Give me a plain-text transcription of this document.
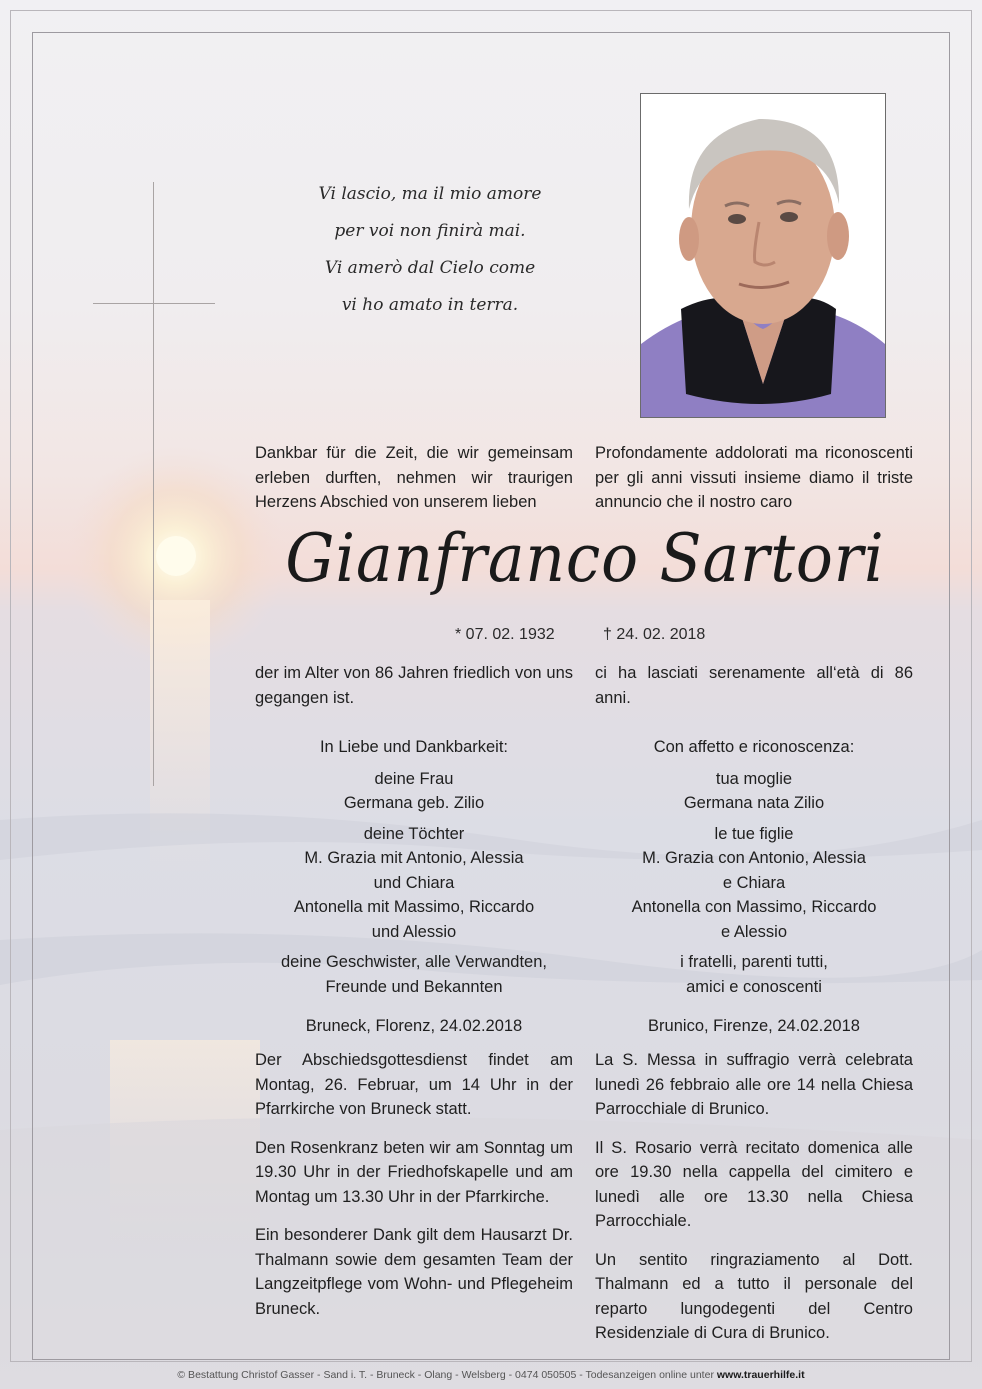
Vi lascio, ma il mio amore
per voi non finirà mai.
Vi amerò dal Cielo come
vi ho amato in terra.
Dankbar für die Zeit, die wir gemeinsam erleben durften, nehmen wir traurigen Herzens Abschied von unserem lieben
Profondamente addolorati ma riconoscenti per gli anni vissuti insieme diamo il triste annuncio che il nostro caro
Gianfranco Sartori
* 07. 02. 1932	† 24. 02. 2018
der im Alter von 86 Jahren friedlich von uns gegangen ist.
ci ha lasciati serenamente all‘età di 86 anni.
In Liebe und Dankbarkeit:
deine Frau
Germana geb. Zilio
deine Töchter
M. Grazia mit Antonio, Alessia
und Chiara
Antonella mit Massimo, Riccardo
und Alessio
deine Geschwister, alle Verwandten,
Freunde und Bekannten
Bruneck, Florenz, 24.02.2018
Con affetto e riconoscenza:
tua moglie
Germana nata Zilio
le tue figlie
M. Grazia con Antonio, Alessia
e Chiara
Antonella con Massimo, Riccardo
e Alessio
i fratelli, parenti tutti,
amici e conoscenti
Brunico, Firenze, 24.02.2018
Der Abschiedsgottesdienst findet am Montag, 26. Februar, um 14 Uhr in der Pfarrkirche von Bruneck statt.
Den Rosenkranz beten wir am Sonntag um 19.30 Uhr in der Friedhofskapelle und am Montag um 13.30 Uhr in der Pfarrkirche.
Ein besonderer Dank gilt dem Hausarzt Dr. Thalmann sowie dem gesamten Team der Langzeitpflege vom Wohn- und Pflegeheim Bruneck.
La S. Messa in suffragio verrà celebrata lunedì 26 febbraio alle ore 14 nella Chiesa Parrocchiale di Brunico.
Il S. Rosario verrà recitato domenica alle ore 19.30 nella cappella del cimitero e lunedì alle ore 13.30 nella Chiesa Parrocchiale.
Un sentito ringraziamento al Dott. Thalmann ed a tutto il personale del reparto lungodegenti del Centro Residenziale di Cura di Brunico.
© Bestattung Christof Gasser - Sand i. T. - Bruneck - Olang - Welsberg - 0474 050505 - Todesanzeigen online unter www.trauerhilfe.it
